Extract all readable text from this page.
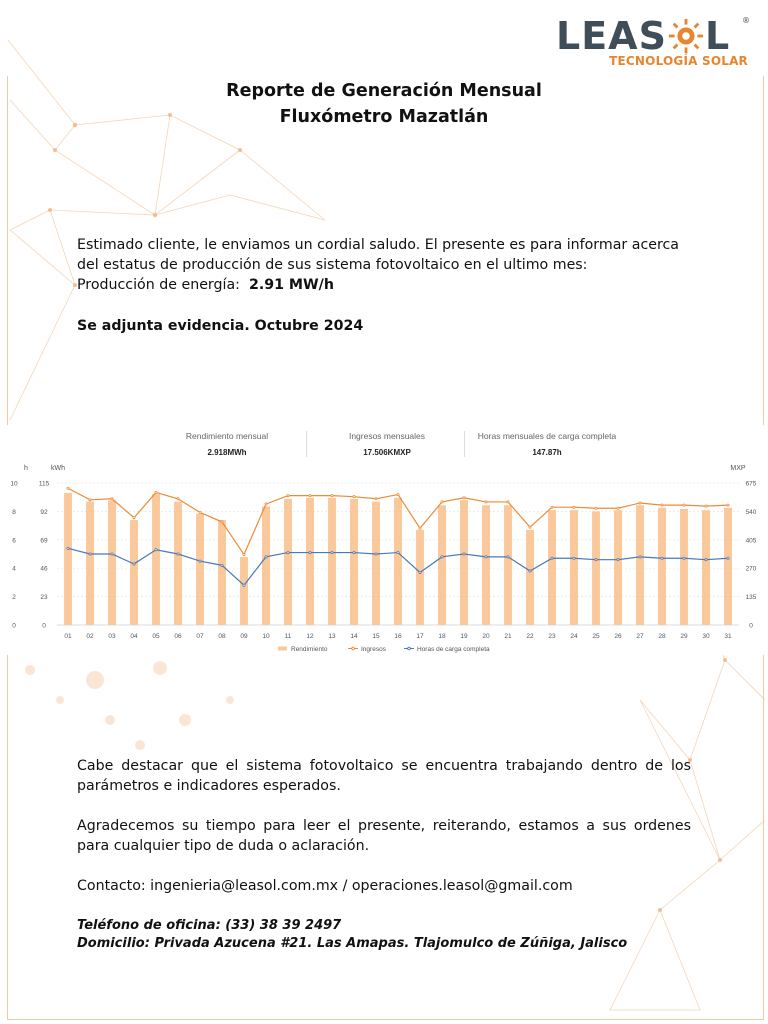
LEAS L ®
TECNOLOGÍA SOLAR
Reporte de Generación Mensual
Fluxómetro Mazatlán
Estimado cliente, le enviamos un cordial saludo. El presente es para informar acerca
del estatus de producción de sus sistema fotovoltaico en el ultimo mes:
Producción de energía: 2.91 MW/h
Se adjunta evidencia. Octubre 2024
Rendimiento mensual
2.918MWh
Ingresos mensuales
17.506KMXP
Horas mensuales de carga completa
147.87h
h	kWh	MXP
10	115	675
8	92	540
6	69	405
4	46	270
2	23	135
0	0	0
01 02 03 04 05 06 07 08 09 10 11 12 13 14 15 16 17 18 19 20 21 22 23 24 25 26 27 28 29 30 31
Rendimiento	Ingresos	Horas de carga completa
Cabe destacar que el sistema fotovoltaico se encuentra trabajando dentro de los parámetros e indicadores esperados.
Agradecemos su tiempo para leer el presente, reiterando, estamos a sus ordenes para cualquier tipo de duda o aclaración.
Contacto: ingenieria@leasol.com.mx / operaciones.leasol@gmail.com
Teléfono de oficina: (33) 38 39 2497
Domicilio: Privada Azucena #21. Las Amapas. Tlajomulco de Zúñiga, Jalisco
